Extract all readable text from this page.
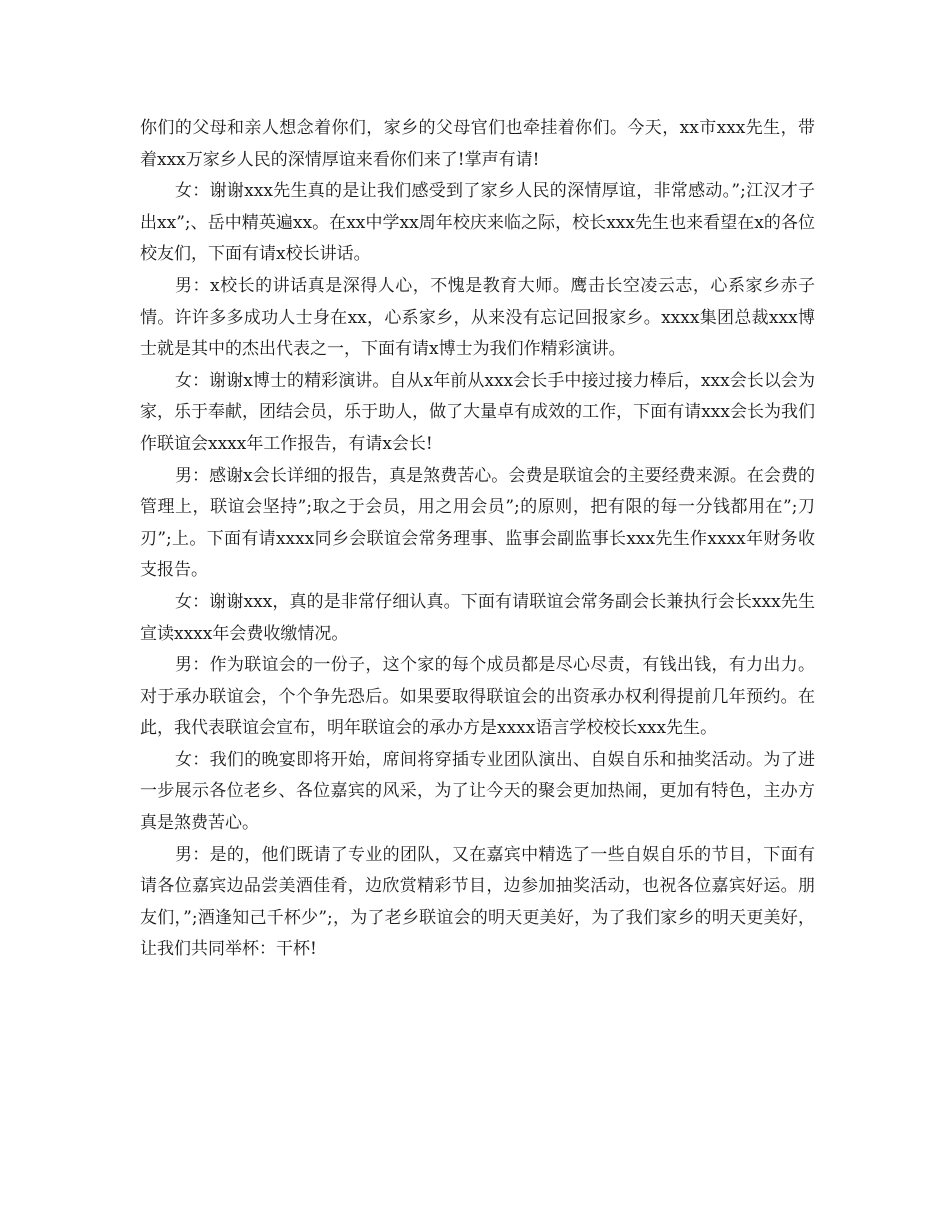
你们的父母和亲人想念着你们，家乡的父母官们也牵挂着你们。今天，xx市xxx先生，带着xxx万家乡人民的深情厚谊来看你们来了!掌声有请!

女：谢谢xxx先生真的是让我们感受到了家乡人民的深情厚谊，非常感动。”;江汉才子出xx”;、岳中精英遍xx。在xx中学xx周年校庆来临之际，校长xxx先生也来看望在x的各位校友们，下面有请x校长讲话。

男：x校长的讲话真是深得人心，不愧是教育大师。鹰击长空凌云志，心系家乡赤子情。许许多多成功人士身在xx，心系家乡，从来没有忘记回报家乡。xxxx集团总裁xxx博士就是其中的杰出代表之一，下面有请x博士为我们作精彩演讲。

女：谢谢x博士的精彩演讲。自从x年前从xxx会长手中接过接力棒后，xxx会长以会为家，乐于奉献，团结会员，乐于助人，做了大量卓有成效的工作，下面有请xxx会长为我们作联谊会xxxx年工作报告，有请x会长!

男：感谢x会长详细的报告，真是煞费苦心。会费是联谊会的主要经费来源。在会费的管理上，联谊会坚持”;取之于会员，用之用会员”;的原则，把有限的每一分钱都用在”;刀刃”;上。下面有请xxxx同乡会联谊会常务理事、监事会副监事长xxx先生作xxxx年财务收支报告。

女：谢谢xxx，真的是非常仔细认真。下面有请联谊会常务副会长兼执行会长xxx先生宣读xxxx年会费收缴情况。

男：作为联谊会的一份子，这个家的每个成员都是尽心尽责，有钱出钱，有力出力。对于承办联谊会，个个争先恐后。如果要取得联谊会的出资承办权利得提前几年预约。在此，我代表联谊会宣布，明年联谊会的承办方是xxxx语言学校校长xxx先生。

女：我们的晚宴即将开始，席间将穿插专业团队演出、自娱自乐和抽奖活动。为了进一步展示各位老乡、各位嘉宾的风采，为了让今天的聚会更加热闹，更加有特色，主办方真是煞费苦心。

男：是的，他们既请了专业的团队，又在嘉宾中精选了一些自娱自乐的节目，下面有请各位嘉宾边品尝美酒佳肴，边欣赏精彩节目，边参加抽奖活动，也祝各位嘉宾好运。朋友们，”;酒逢知己千杯少”;，为了老乡联谊会的明天更美好，为了我们家乡的明天更美好，让我们共同举杯：干杯!
